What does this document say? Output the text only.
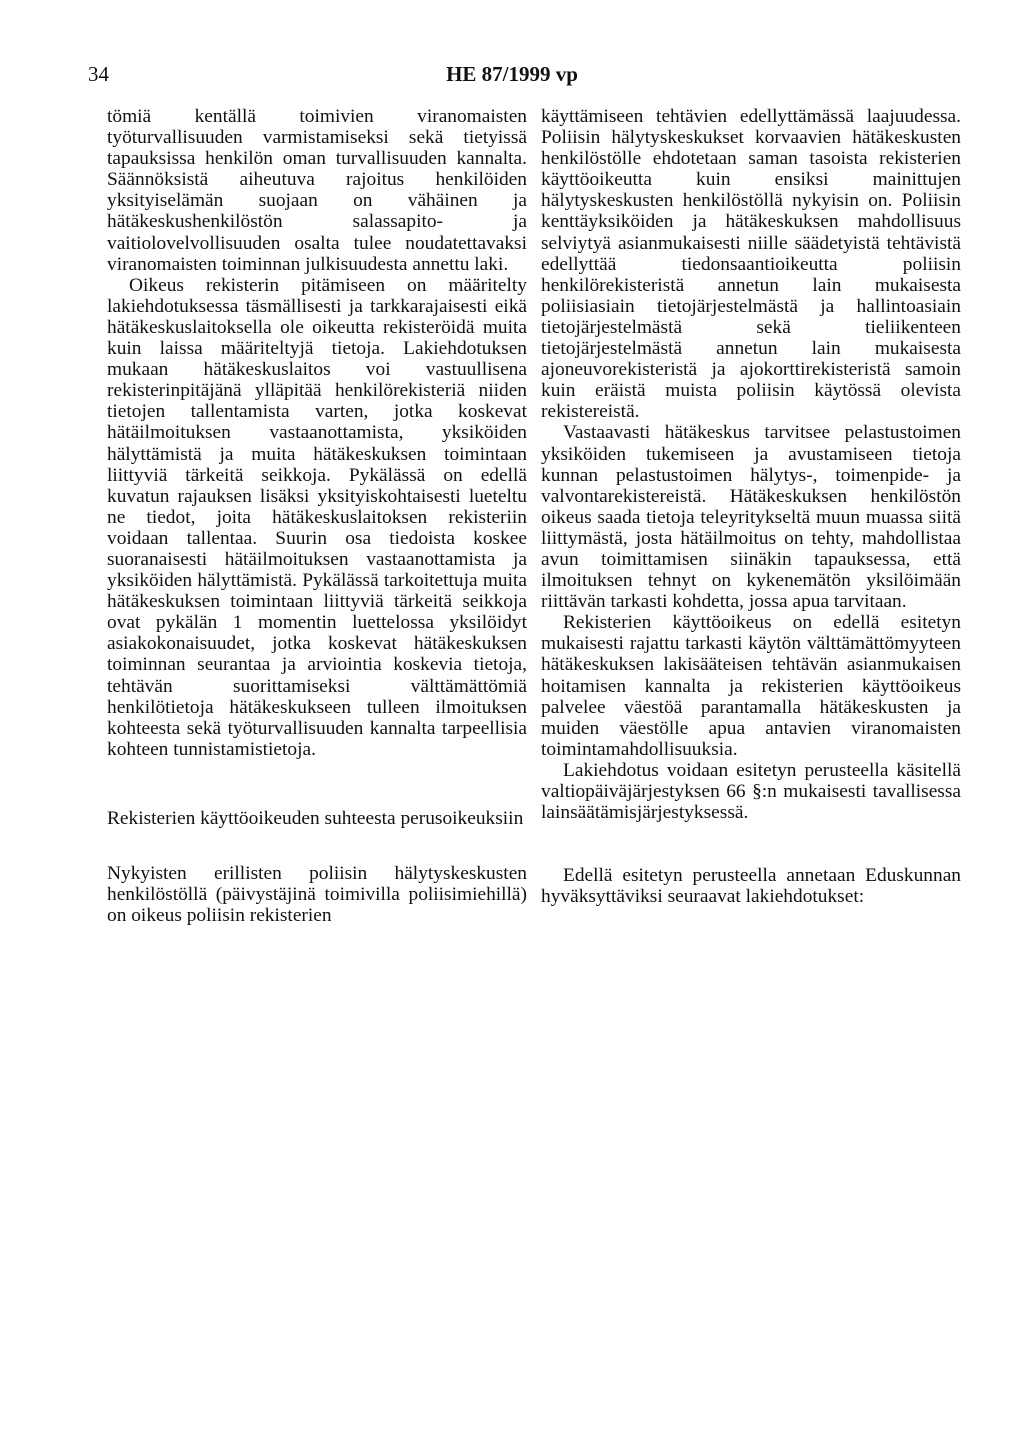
34	HE 87/1999 vp

tömiä kentällä toimivien viranomaisten työturvallisuuden varmistamiseksi sekä tietyissä tapauksissa henkilön oman turvallisuuden kannalta. Säännöksistä aiheutuva rajoitus henkilöiden yksityiselämän suojaan on vähäinen ja hätäkeskushenkilöstön salassapito- ja vaitiolovelvollisuuden osalta tulee noudatettavaksi viranomaisten toiminnan julkisuudesta annettu laki.

Oikeus rekisterin pitämiseen on määritelty lakiehdotuksessa täsmällisesti ja tarkkarajaisesti eikä hätäkeskuslaitoksella ole oikeutta rekisteröidä muita kuin laissa määriteltyjä tietoja. Lakiehdotuksen mukaan hätäkeskuslaitos voi vastuullisena rekisterinpitäjänä ylläpitää henkilörekisteriä niiden tietojen tallentamista varten, jotka koskevat hätäilmoituksen vastaanottamista, yksiköiden hälyttämistä ja muita hätäkeskuksen toimintaan liittyviä tärkeitä seikkoja. Pykälässä on edellä kuvatun rajauksen lisäksi yksityiskohtaisesti lueteltu ne tiedot, joita hätäkeskuslaitoksen rekisteriin voidaan tallentaa. Suurin osa tiedoista koskee suoranaisesti hätäilmoituksen vastaanottamista ja yksiköiden hälyttämistä. Pykälässä tarkoitettuja muita hätäkeskuksen toimintaan liittyviä tärkeitä seikkoja ovat pykälän 1 momentin luettelossa yksilöidyt asiakokonaisuudet, jotka koskevat hätäkeskuksen toiminnan seurantaa ja arviointia koskevia tietoja, tehtävän suorittamiseksi välttämättömiä henkilötietoja hätäkeskukseen tulleen ilmoituksen kohteesta sekä työturvallisuuden kannalta tarpeellisia kohteen tunnistamistietoja.

Rekisterien käyttöoikeuden suhteesta perusoikeuksiin

Nykyisten erillisten poliisin hälytyskeskusten henkilöstöllä (päivystäjinä toimivilla poliisimiehillä) on oikeus poliisin rekisterien

käyttämiseen tehtävien edellyttämässä laajuudessa. Poliisin hälytyskeskukset korvaavien hätäkeskusten henkilöstölle ehdotetaan saman tasoista rekisterien käyttöoikeutta kuin ensiksi mainittujen hälytyskeskusten henkilöstöllä nykyisin on. Poliisin kenttäyksiköiden ja hätäkeskuksen mahdollisuus selviytyä asianmukaisesti niille säädetyistä tehtävistä edellyttää tiedonsaantioikeutta poliisin henkilörekisteristä annetun lain mukaisesta poliisiasiain tietojärjestelmästä ja hallintoasiain tietojärjestelmästä sekä tieliikenteen tietojärjestelmästä annetun lain mukaisesta ajoneuvorekisteristä ja ajokorttirekisteristä samoin kuin eräistä muista poliisin käytössä olevista rekistereistä.

Vastaavasti hätäkeskus tarvitsee pelastustoimen yksiköiden tukemiseen ja avustamiseen tietoja kunnan pelastustoimen hälytys-, toimenpide- ja valvontarekistereistä. Hätäkeskuksen henkilöstön oikeus saada tietoja teleyritykseltä muun muassa siitä liittymästä, josta hätäilmoitus on tehty, mahdollistaa avun toimittamisen siinäkin tapauksessa, että ilmoituksen tehnyt on kykenemätön yksilöimään riittävän tarkasti kohdetta, jossa apua tarvitaan.

Rekisterien käyttöoikeus on edellä esitetyn mukaisesti rajattu tarkasti käytön välttämättömyyteen hätäkeskuksen lakisääteisen tehtävän asianmukaisen hoitamisen kannalta ja rekisterien käyttöoikeus palvelee väestöä parantamalla hätäkeskusten ja muiden väestölle apua antavien viranomaisten toimintamahdollisuuksia.

Lakiehdotus voidaan esitetyn perusteella käsitellä valtiopäiväjärjestyksen 66 §:n mukaisesti tavallisessa lainsäätämisjärjestyksessä.

Edellä esitetyn perusteella annetaan Eduskunnan hyväksyttäviksi seuraavat lakiehdotukset:
